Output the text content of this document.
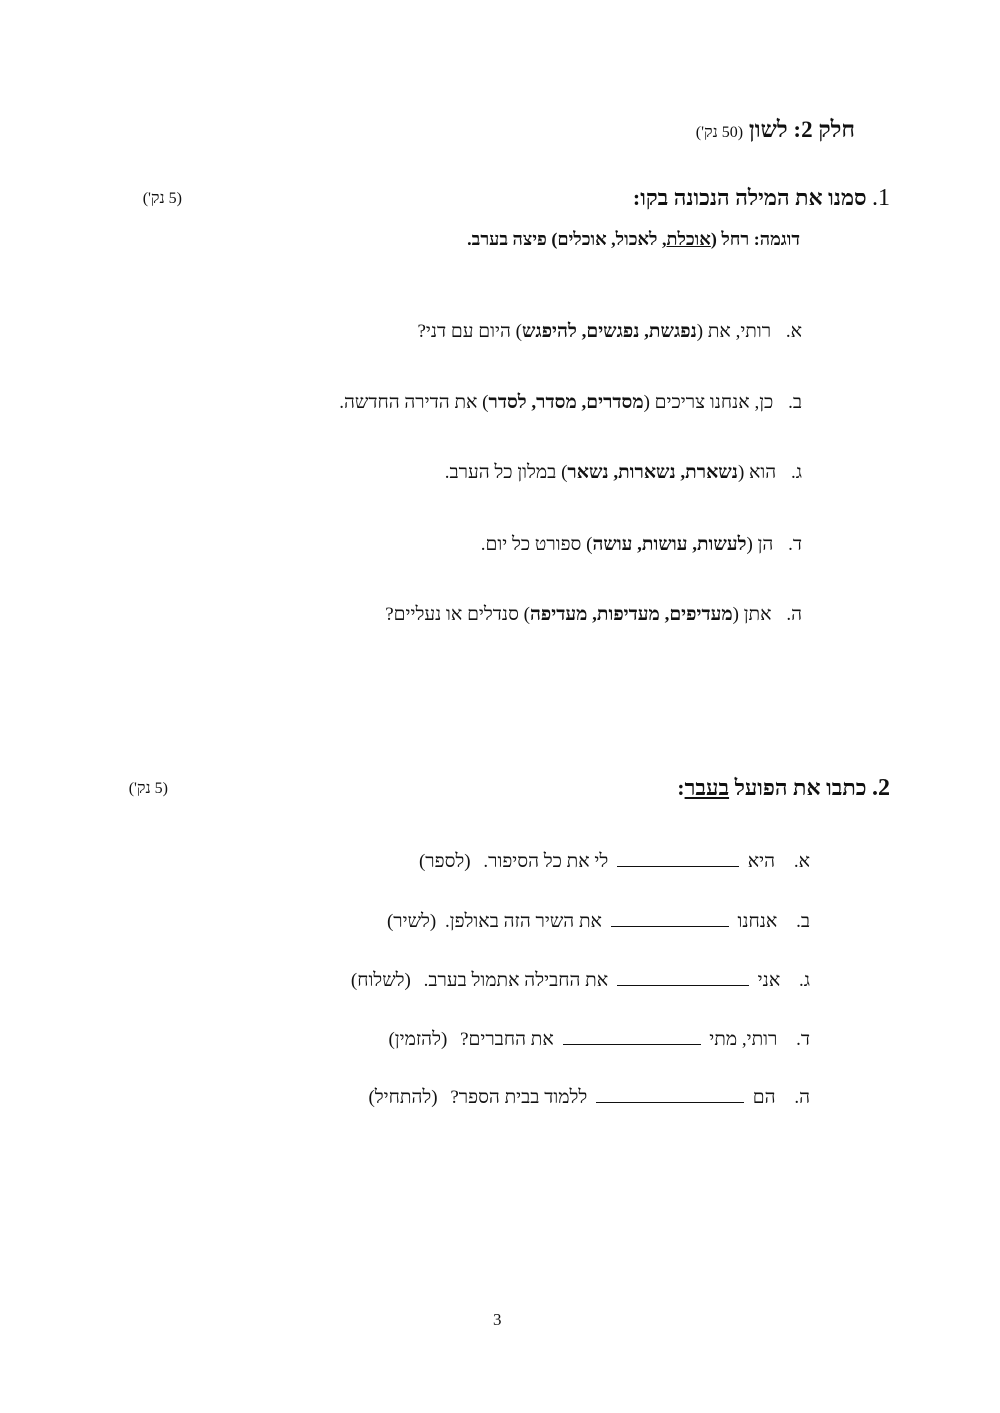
חלק 2: לשון (50 נק')
1. סמנו את המילה הנכונה בקו:
(5 נק')
דוגמה: רחל (אוכלת, לאכול, אוכלים) פיצה בערב.
א. רותי, את (נפגשת, נפגשים, להיפגש) היום עם דני?
ב. כן, אנחנו צריכים (מסדרים, מסדר, לסדר) את הדירה החדשה.
ג. הוא (נשארת, נשארות, נשאר) במלון כל הערב.
ד. הן (לעשות, עושות, עושה) ספורט כל יום.
ה. אתן (מעדיפים, מעדיפות, מעדיפה) סנדלים או נעליים?
2. כתבו את הפועל בעבר:
(5 נק')
א. היא  לי את כל הסיפור. (לספר)
ב. אנחנו  את השיר הזה באולפן. (לשיר)
ג. אני  את החבילה אתמול בערב. (לשלוח)
ד. רותי, מתי  את החברים? (להזמין)
ה. הם  ללמוד בבית הספר? (להתחיל)
3
